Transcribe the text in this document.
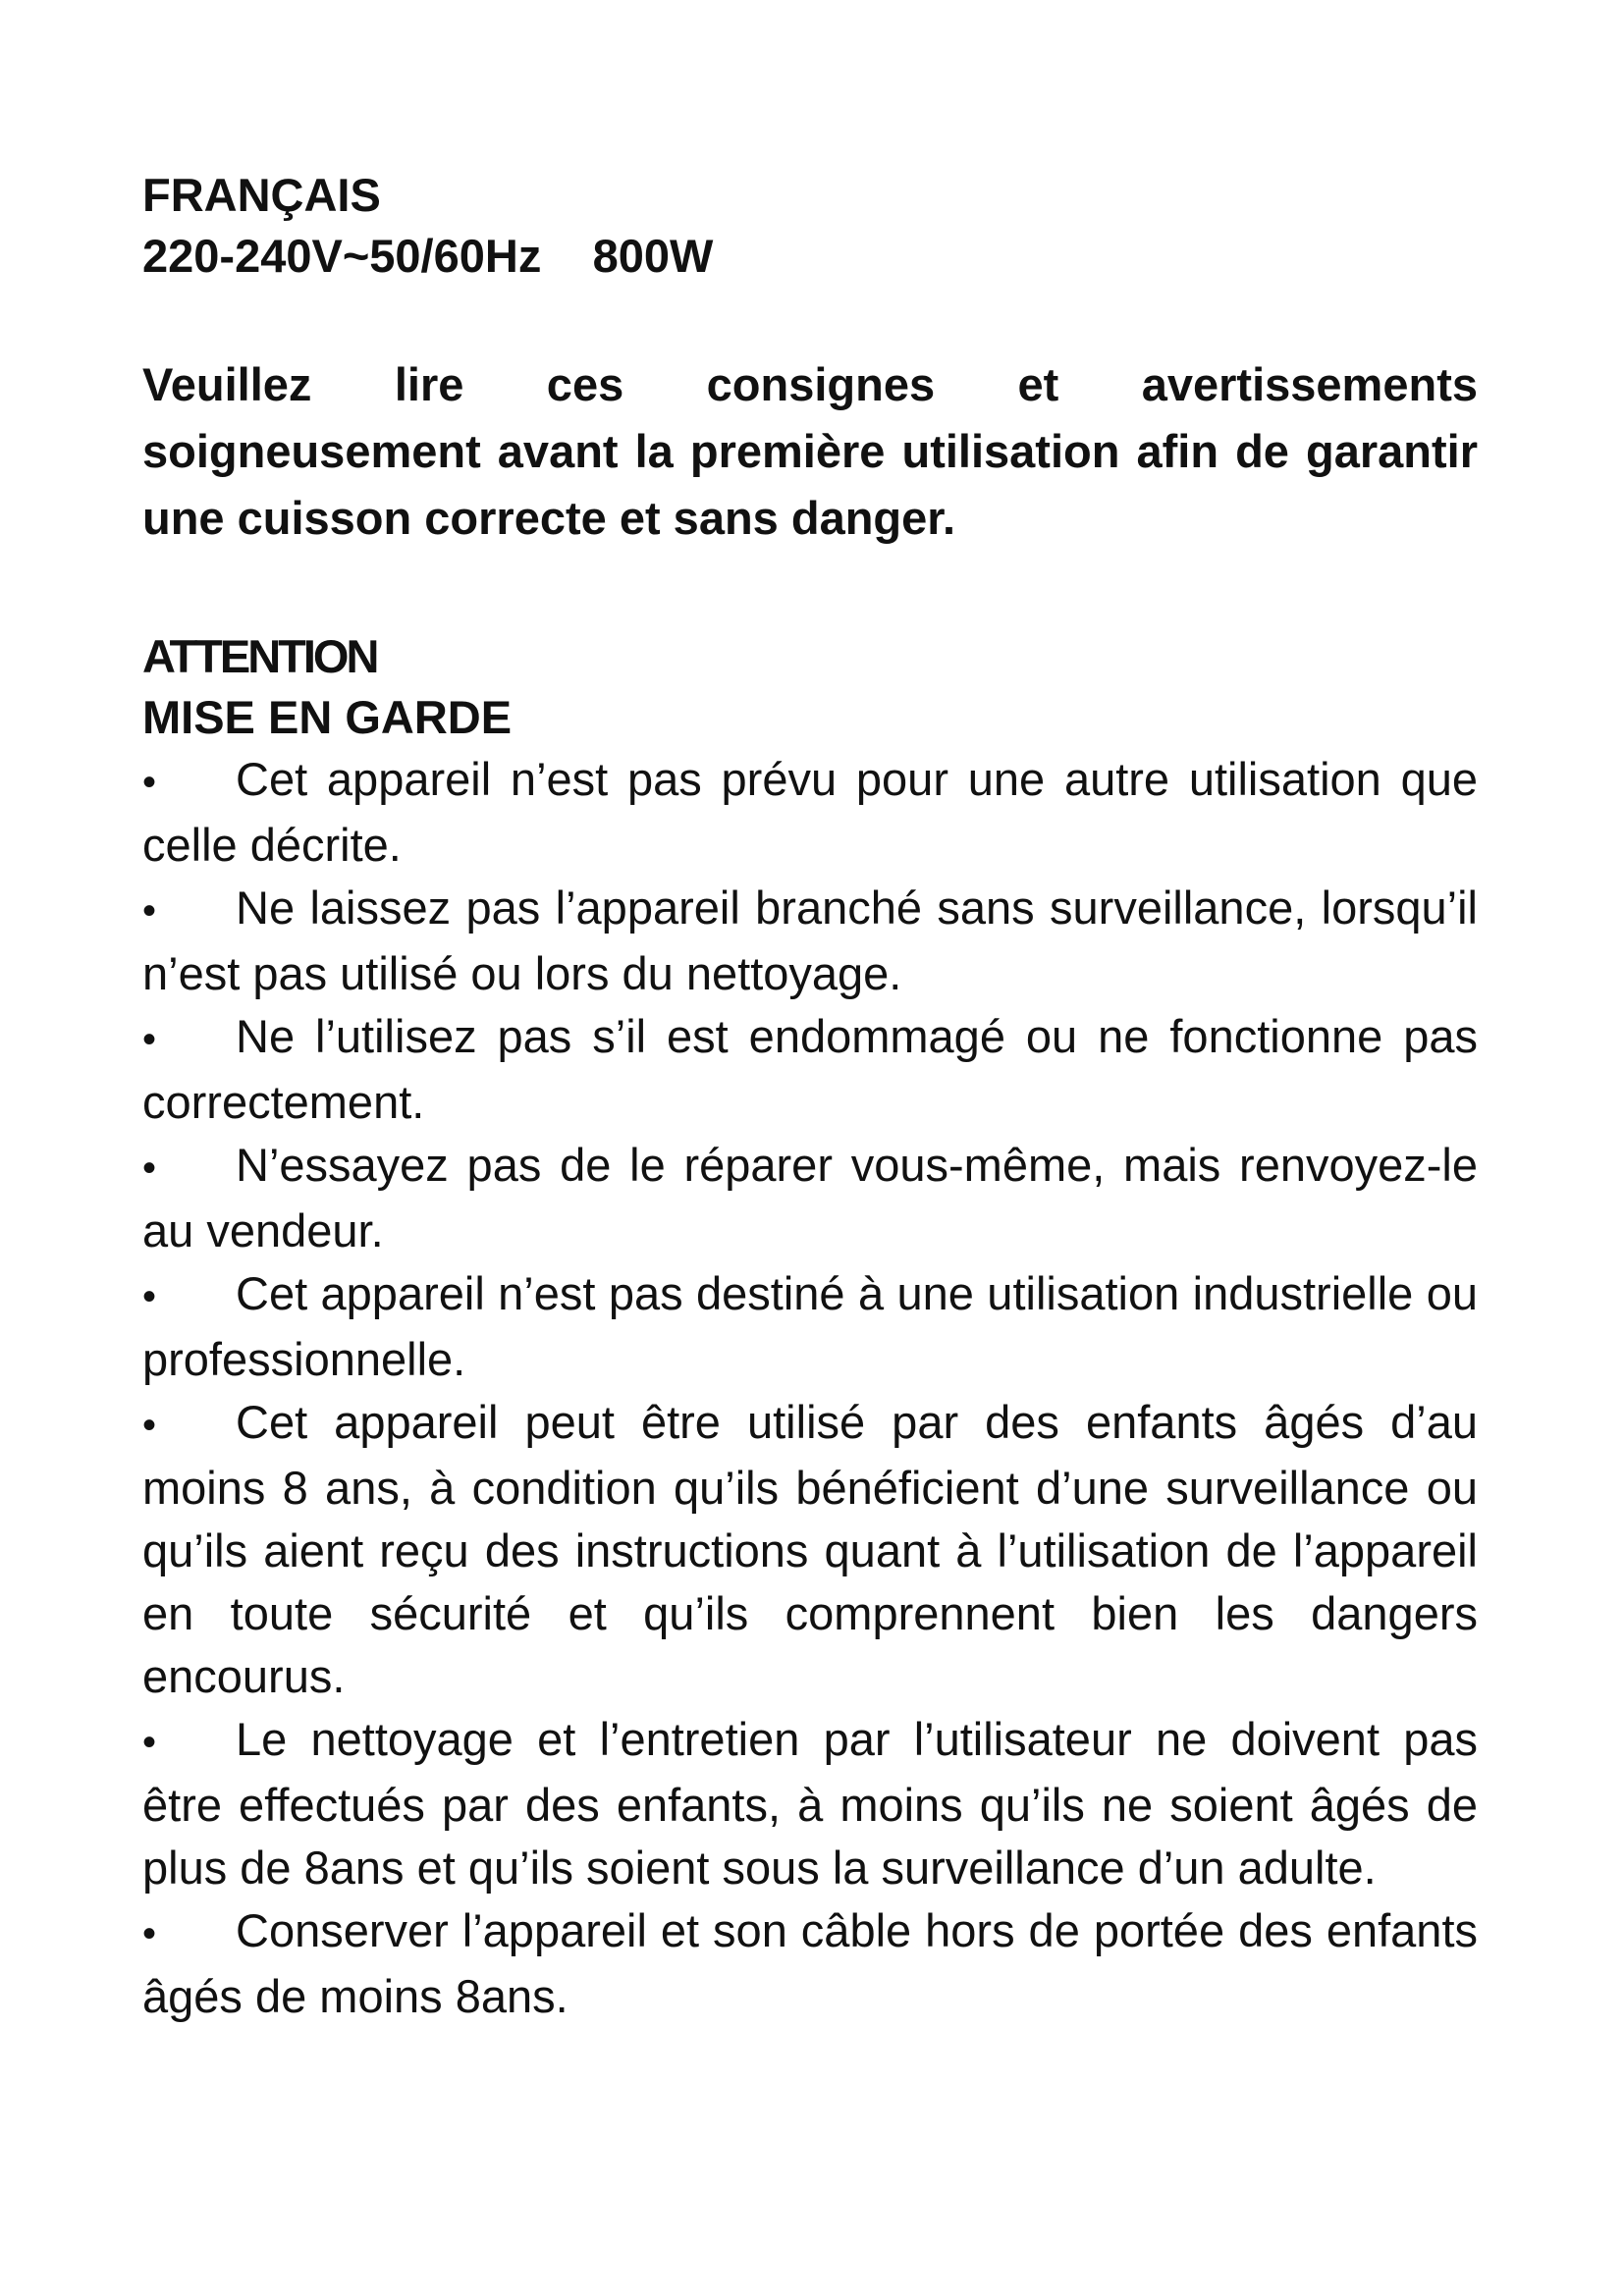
FRANÇAIS

220-240V~50/60Hz    800W

Veuillez lire ces consignes et avertissements soigneusement avant la première utilisation afin de garantir une cuisson correcte et sans danger.

ATTENTION

MISE EN GARDE

• Cet appareil n’est pas prévu pour une autre utilisation que celle décrite.
• Ne laissez pas l’appareil branché sans surveillance, lorsqu’il n’est pas utilisé ou lors du nettoyage.
• Ne l’utilisez pas s’il est endommagé ou ne fonctionne pas correctement.
• N’essayez pas de le réparer vous-même, mais renvoyez-le au vendeur.
• Cet appareil n’est pas destiné à une utilisation industrielle ou professionnelle.
• Cet appareil peut être utilisé par des enfants âgés d’au moins 8 ans, à condition qu’ils bénéficient d’une surveillance ou qu’ils aient reçu des instructions quant à l’utilisation de l’appareil en toute sécurité et qu’ils comprennent bien les dangers encourus.
• Le nettoyage et l’entretien par l’utilisateur ne doivent pas être effectués par des enfants, à moins qu’ils ne soient âgés de plus de 8ans et qu’ils soient sous la surveillance d’un adulte.
• Conserver l’appareil et son câble hors de portée des enfants âgés de moins 8ans.
